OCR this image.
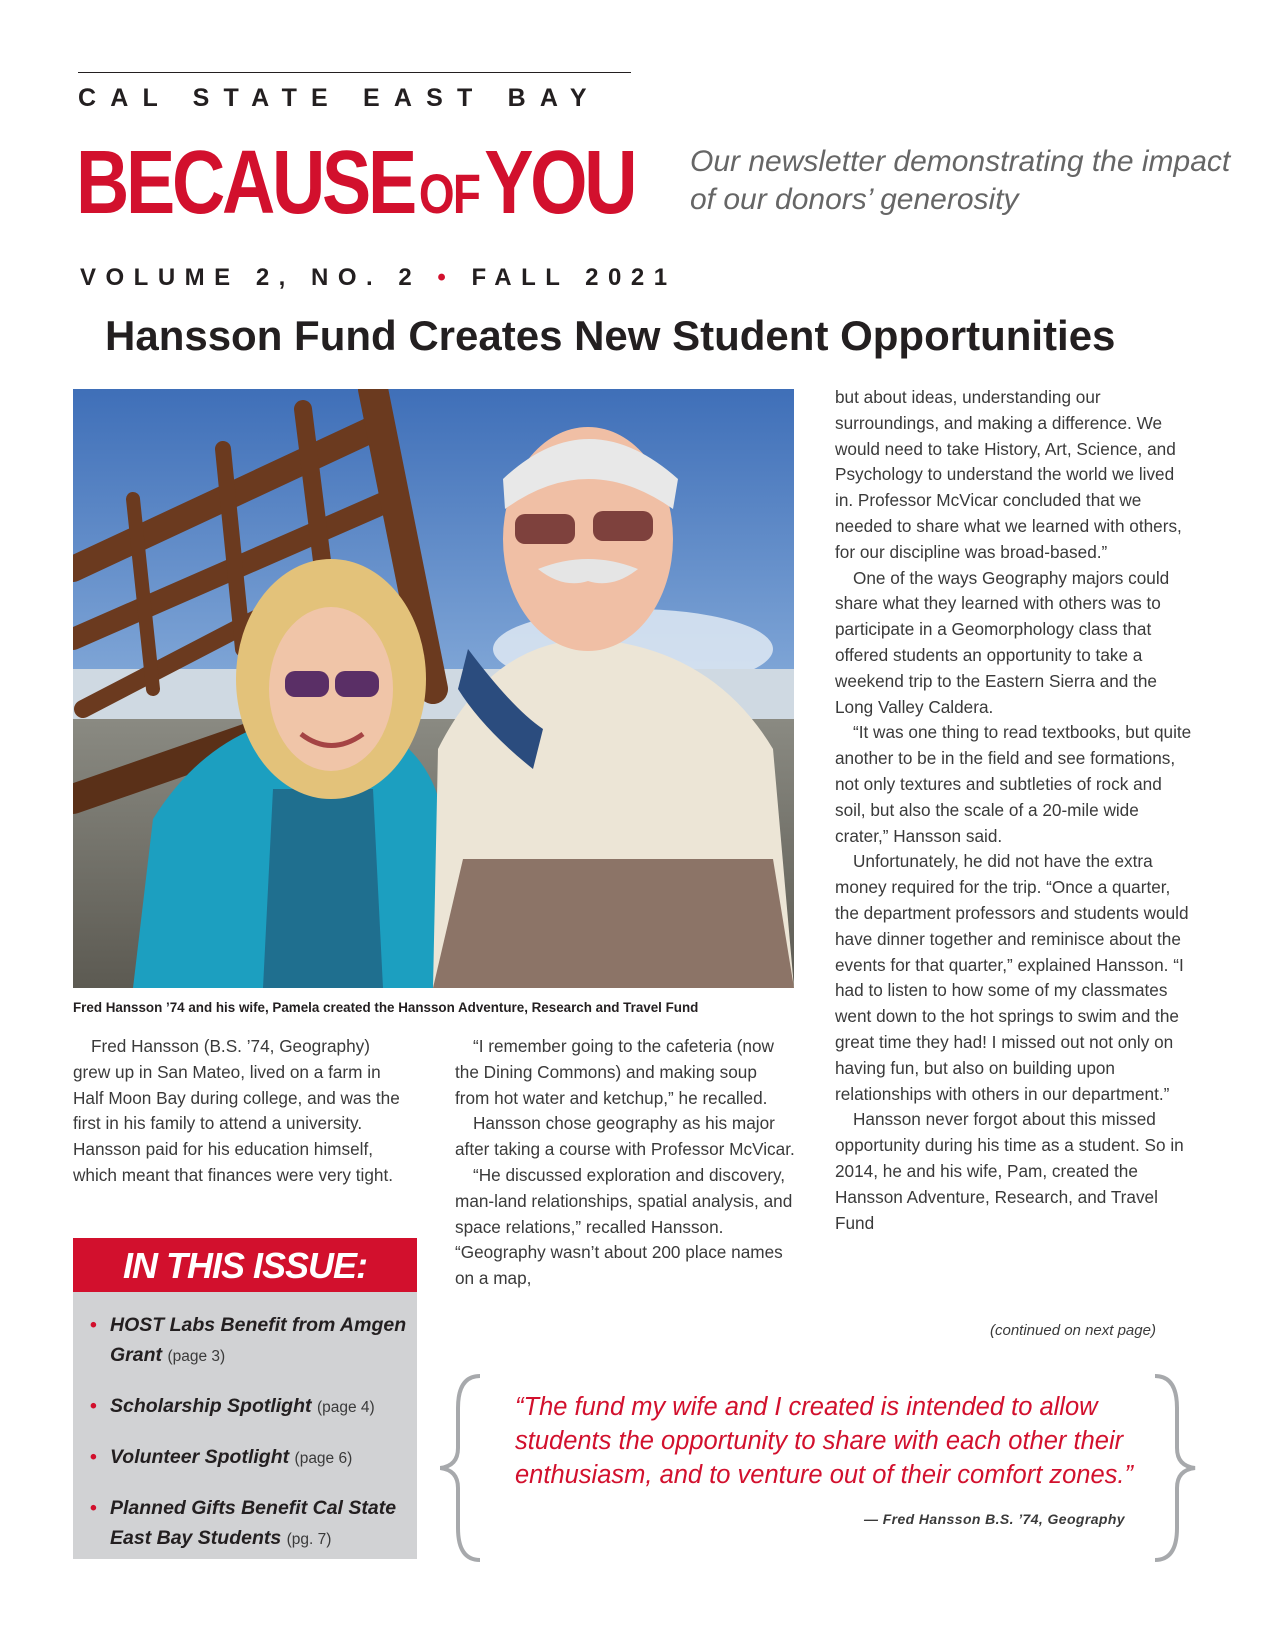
CAL STATE EAST BAY
BECAUSEOFYOU
VOLUME 2, NO. 2 • FALL 2021
Our newsletter demonstrating the impact of our donors’ generosity
Hansson Fund Creates New Student Opportunities
Fred Hansson ’74 and his wife, Pamela created the Hansson Adventure, Research and Travel Fund

Fred Hansson (B.S. ’74, Geography) grew up in San Mateo, lived on a farm in Half Moon Bay during college, and was the first in his family to attend a university. Hansson paid for his education himself, which meant that finances were very tight.

“I remember going to the cafeteria (now the Dining Commons) and making soup from hot water and ketchup,” he recalled.

Hansson chose geography as his major after taking a course with Professor McVicar.

“He discussed exploration and discovery, man-land relationships, spatial analysis, and space relations,” recalled Hansson. “Geography wasn’t about 200 place names on a map,

but about ideas, understanding our surroundings, and making a difference. We would need to take History, Art, Science, and Psychology to understand the world we lived in. Professor McVicar concluded that we needed to share what we learned with others, for our discipline was broad-based.”

One of the ways Geography majors could share what they learned with others was to participate in a Geomorphology class that offered students an opportunity to take a weekend trip to the Eastern Sierra and the Long Valley Caldera.

“It was one thing to read textbooks, but quite another to be in the field and see formations, not only textures and subtleties of rock and soil, but also the scale of a 20-mile wide crater,” Hansson said.

Unfortunately, he did not have the extra money required for the trip. “Once a quarter, the department professors and students would have dinner together and reminisce about the events for that quarter,” explained Hansson. “I had to listen to how some of my classmates went down to the hot springs to swim and the great time they had! I missed out not only on having fun, but also on building upon relationships with others in our department.”

Hansson never forgot about this missed opportunity during his time as a student. So in 2014, he and his wife, Pam, created the Hansson Adventure, Research, and Travel Fund

(continued on next page)
IN THIS ISSUE:
• HOST Labs Benefit from Amgen Grant (page 3)
• Scholarship Spotlight (page 4)
• Volunteer Spotlight (page 6)
• Planned Gifts Benefit Cal State East Bay Students (pg. 7)
“The fund my wife and I created is intended to allow students the opportunity to share with each other their enthusiasm, and to venture out of their comfort zones.”
— Fred Hansson B.S. ’74, Geography
